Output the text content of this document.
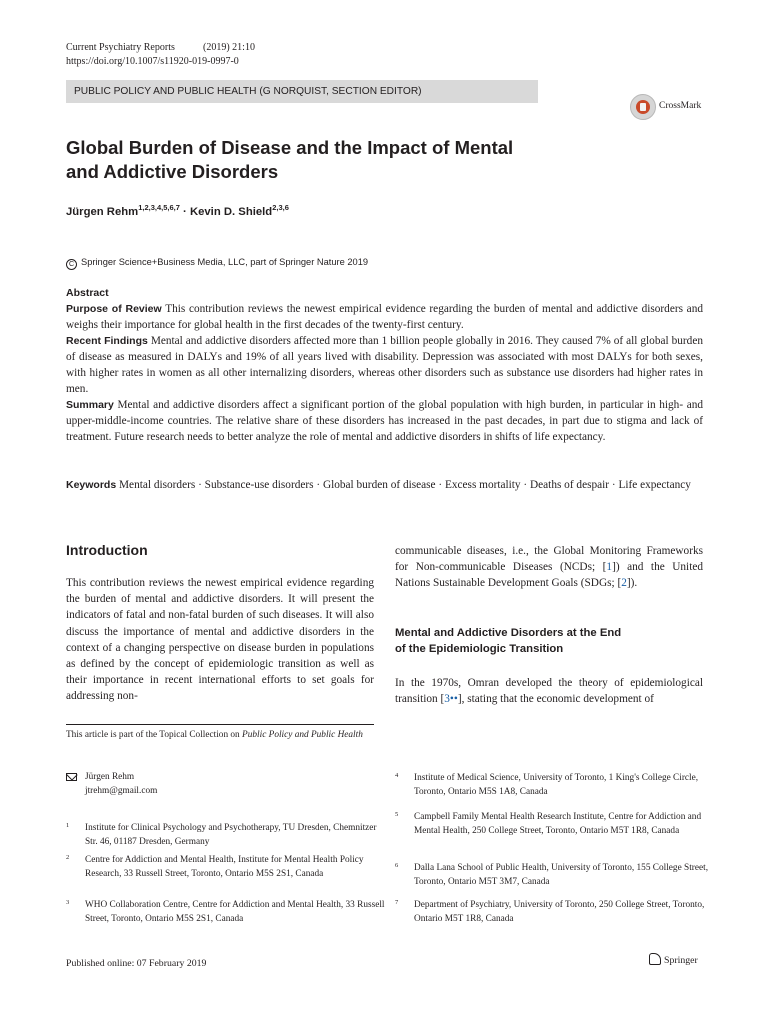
Current Psychiatry Reports	(2019) 21:10
https://doi.org/10.1007/s11920-019-0997-0
PUBLIC POLICY AND PUBLIC HEALTH (G NORQUIST, SECTION EDITOR)
CrossMark
Global Burden of Disease and the Impact of Mental
and Addictive Disorders
Jürgen Rehm$^{1,2,3,4,5,6,7}$ · Kevin D. Shield$^{2,3,6}$
C Springer Science+Business Media, LLC, part of Springer Nature 2019
Abstract

Purpose of Review This contribution reviews the newest empirical evidence regarding the burden of mental and addictive disorders and weighs their importance for global health in the first decades of the twenty-first century.

Recent Findings Mental and addictive disorders affected more than 1 billion people globally in 2016. They caused 7% of all global burden of disease as measured in DALYs and 19% of all years lived with disability. Depression was associated with most DALYs for both sexes, with higher rates in women as all other internalizing disorders, whereas other disorders such as substance use disorders had higher rates in men.

Summary Mental and addictive disorders affect a significant portion of the global population with high burden, in particular in high- and upper-middle-income countries. The relative share of these disorders has increased in the past decades, in part due to stigma and lack of treatment. Future research needs to better analyze the role of mental and addictive disorders in shifts of life expectancy.

Keywords Mental disorders · Substance-use disorders · Global burden of disease · Excess mortality · Deaths of despair · Life expectancy
Introduction
This contribution reviews the newest empirical evidence regarding the burden of mental and addictive disorders. It will present the indicators of fatal and non-fatal burden of such diseases. It will also discuss the importance of mental and addictive disorders in the context of a changing perspective on disease burden in populations as defined by the concept of epidemiologic transition as well as their importance in recent international efforts to set goals for addressing non-
communicable diseases, i.e., the Global Monitoring Frameworks for Non-communicable Diseases (NCDs; [1]) and the United Nations Sustainable Development Goals (SDGs; [2]).
Mental and Addictive Disorders at the End
of the Epidemiologic Transition
In the 1970s, Omran developed the theory of epidemiological transition [3••], stating that the economic development of
This article is part of the Topical Collection on Public Policy and Public Health
Jürgen Rehm
jtrehm@gmail.com
1 Institute for Clinical Psychology and Psychotherapy, TU Dresden, Chemnitzer Str. 46, 01187 Dresden, Germany
2 Centre for Addiction and Mental Health, Institute for Mental Health Policy Research, 33 Russell Street, Toronto, Ontario M5S 2S1, Canada
3 WHO Collaboration Centre, Centre for Addiction and Mental Health, 33 Russell Street, Toronto, Ontario M5S 2S1, Canada
4 Institute of Medical Science, University of Toronto, 1 King's College Circle, Toronto, Ontario M5S 1A8, Canada
5 Campbell Family Mental Health Research Institute, Centre for Addiction and Mental Health, 250 College Street, Toronto, Ontario M5T 1R8, Canada
6 Dalla Lana School of Public Health, University of Toronto, 155 College Street, Toronto, Ontario M5T 3M7, Canada
7 Department of Psychiatry, University of Toronto, 250 College Street, Toronto, Ontario M5T 1R8, Canada
Published online: 07 February 2019	Springer
